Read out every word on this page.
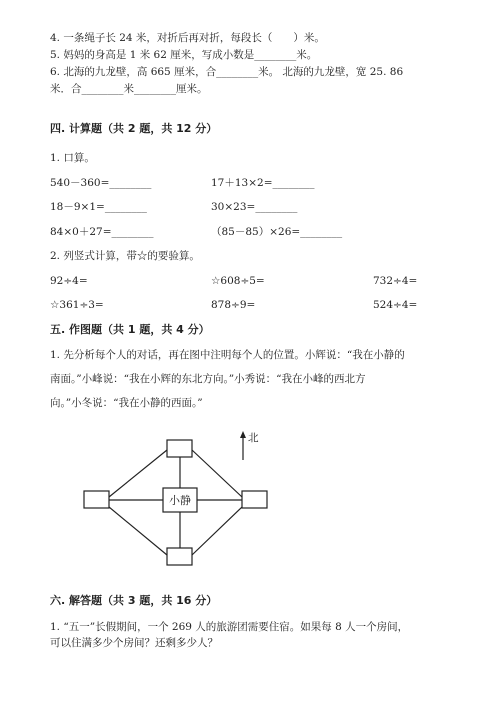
4. 一条绳子长 24 米，对折后再对折，每段长（　　）米。
5. 妈妈的身高是 1 米 62 厘米，写成小数是________米。
6. 北海的九龙壁，高 665 厘米，合________米。 北海的九龙壁，宽 25. 86
米．合________米________厘米。
四. 计算题（共 2 题，共 12 分）
1. 口算。
540－360=________	17＋13×2=________
18－9×1=________	30×23=________
84×0＋27=________	（85－85）×26=________
2. 列竖式计算，带☆的要验算。
92÷4=	☆608÷5=	732÷4=
☆361÷3=	878÷9=	524÷4=
五. 作图题（共 1 题，共 4 分）
1. 先分析每个人的对话，再在图中注明每个人的位置。小辉说：“我在小静的
南面。”小峰说：“我在小辉的东北方向。”小秀说：“我在小峰的西北方
向。”小冬说：“我在小静的西面。”
小静
北
六. 解答题（共 3 题，共 16 分）
1. “五一”长假期间，一个 269 人的旅游团需要住宿。如果每 8 人一个房间，
可以住满多少个房间？还剩多少人？
